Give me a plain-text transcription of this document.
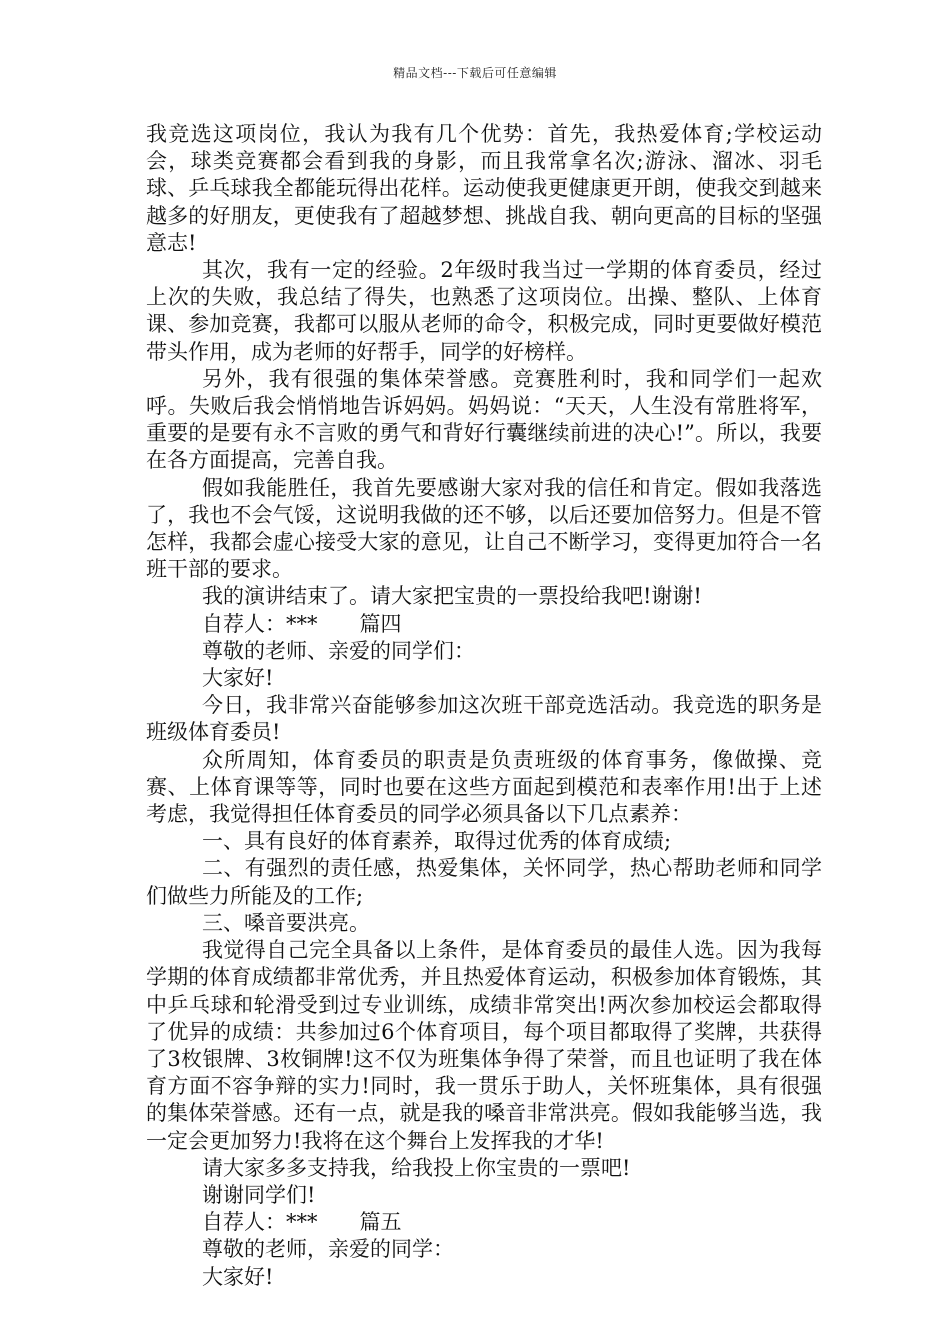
精品文档---下载后可任意编辑

我竞选这项岗位，我认为我有几个优势：首先，我热爱体育;学校运动会，球类竞赛都会看到我的身影，而且我常拿名次;游泳、溜冰、羽毛球、乒乓球我全都能玩得出花样。运动使我更健康更开朗，使我交到越来越多的好朋友，更使我有了超越梦想、挑战自我、朝向更高的目标的坚强意志!

其次，我有一定的经验。2年级时我当过一学期的体育委员，经过上次的失败，我总结了得失，也熟悉了这项岗位。出操、整队、上体育课、参加竞赛，我都可以服从老师的命令，积极完成，同时更要做好模范带头作用，成为老师的好帮手，同学的好榜样。

另外，我有很强的集体荣誉感。竞赛胜利时，我和同学们一起欢呼。失败后我会悄悄地告诉妈妈。妈妈说：“天天，人生没有常胜将军，重要的是要有永不言败的勇气和背好行囊继续前进的决心!”。所以，我要在各方面提高，完善自我。

假如我能胜任，我首先要感谢大家对我的信任和肯定。假如我落选了，我也不会气馁，这说明我做的还不够，以后还要加倍努力。但是不管怎样，我都会虚心接受大家的意见，让自己不断学习，变得更加符合一名班干部的要求。

我的演讲结束了。请大家把宝贵的一票投给我吧!谢谢!

自荐人：***　　篇四

尊敬的老师、亲爱的同学们：

大家好!

今日，我非常兴奋能够参加这次班干部竞选活动。我竞选的职务是班级体育委员!

众所周知，体育委员的职责是负责班级的体育事务，像做操、竞赛、上体育课等等，同时也要在这些方面起到模范和表率作用!出于上述考虑，我觉得担任体育委员的同学必须具备以下几点素养：

一、具有良好的体育素养，取得过优秀的体育成绩;

二、有强烈的责任感，热爱集体，关怀同学，热心帮助老师和同学们做些力所能及的工作;

三、嗓音要洪亮。

我觉得自己完全具备以上条件，是体育委员的最佳人选。因为我每学期的体育成绩都非常优秀，并且热爱体育运动，积极参加体育锻炼，其中乒乓球和轮滑受到过专业训练，成绩非常突出!两次参加校运会都取得了优异的成绩：共参加过6个体育项目，每个项目都取得了奖牌，共获得了3枚银牌、3枚铜牌!这不仅为班集体争得了荣誉，而且也证明了我在体育方面不容争辩的实力!同时，我一贯乐于助人，关怀班集体，具有很强的集体荣誉感。还有一点，就是我的嗓音非常洪亮。假如我能够当选，我一定会更加努力!我将在这个舞台上发挥我的才华!

请大家多多支持我，给我投上你宝贵的一票吧!

谢谢同学们!

自荐人：***　　篇五

尊敬的老师，亲爱的同学：

大家好!
